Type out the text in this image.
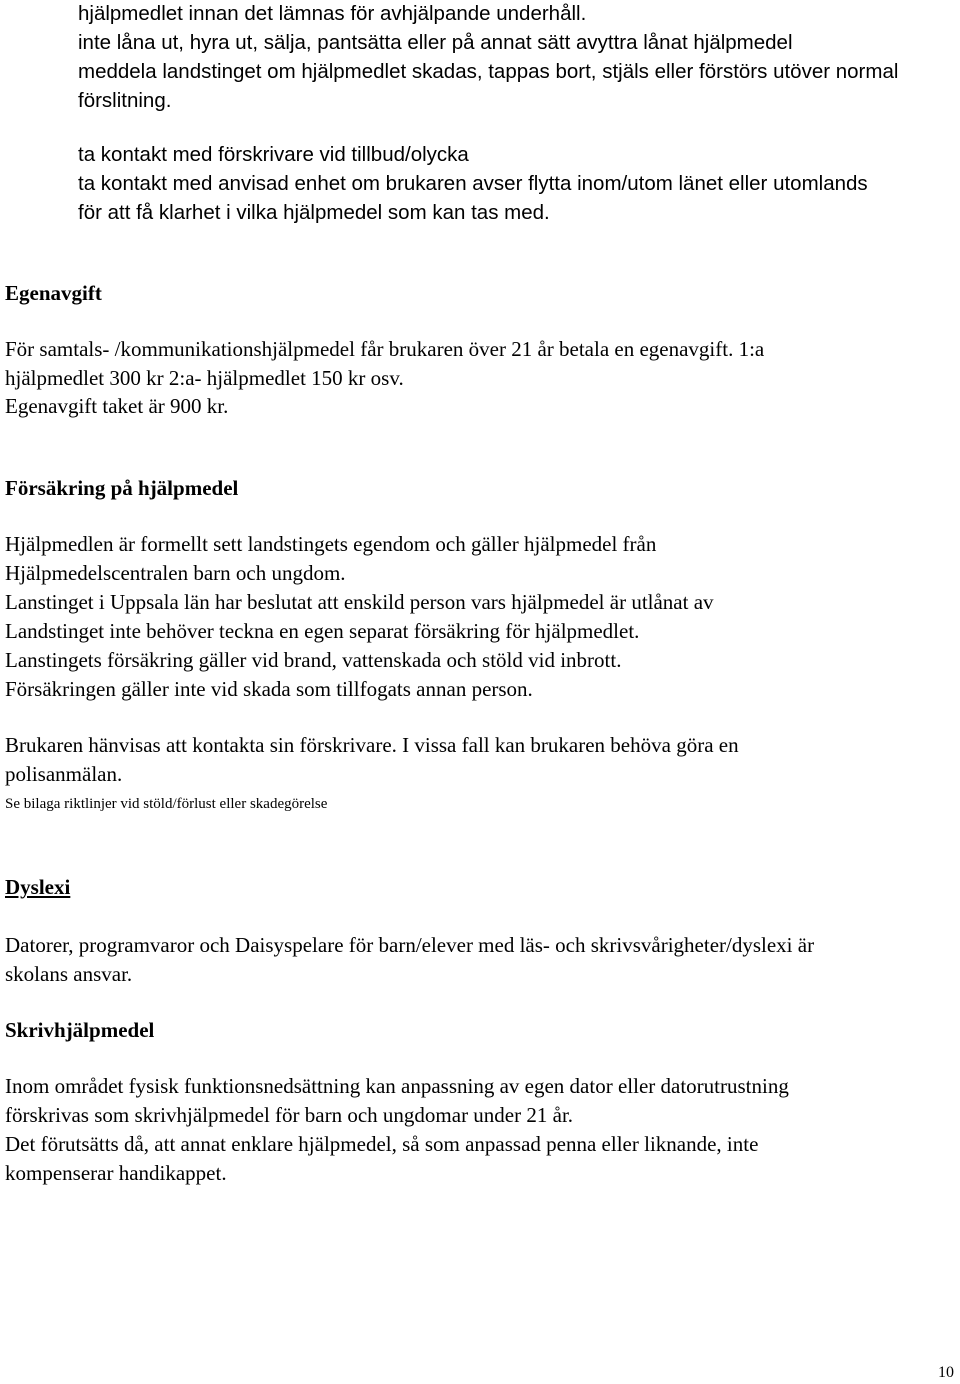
hjälpmedlet innan det lämnas för avhjälpande underhåll.
inte låna ut, hyra ut, sälja, pantsätta eller på annat sätt avyttra lånat hjälpmedel
meddela landstinget om hjälpmedlet skadas, tappas bort, stjäls eller förstörs utöver normal
förslitning.
ta kontakt med förskrivare vid tillbud/olycka
ta kontakt med anvisad enhet om brukaren avser flytta inom/utom länet eller utomlands
för att få klarhet i vilka hjälpmedel som kan tas med.
Egenavgift
För samtals- /kommunikationshjälpmedel får brukaren över 21 år betala en egenavgift. 1:a
hjälpmedlet 300 kr 2:a- hjälpmedlet 150 kr osv.
Egenavgift taket är 900 kr.
Försäkring på hjälpmedel
Hjälpmedlen är formellt sett landstingets egendom och gäller hjälpmedel från
Hjälpmedelscentralen barn och ungdom.
Lanstinget i Uppsala län har beslutat att enskild person vars hjälpmedel är utlånat av
Landstinget inte behöver teckna en egen separat försäkring för hjälpmedlet.
Lanstingets försäkring gäller vid brand, vattenskada och stöld vid inbrott.
Försäkringen gäller inte vid skada som tillfogats annan person.
Brukaren hänvisas att kontakta sin förskrivare. I vissa fall kan brukaren behöva göra en
polisanmälan.
Se bilaga riktlinjer vid stöld/förlust eller skadegörelse
Dyslexi
Datorer, programvaror och Daisyspelare för barn/elever med läs- och skrivsvårigheter/dyslexi är
skolans ansvar.
Skrivhjälpmedel
Inom området fysisk funktionsnedsättning kan anpassning av egen dator eller datorutrustning
förskrivas som skrivhjälpmedel för barn och ungdomar under 21 år.
Det förutsätts då, att annat enklare hjälpmedel, så som anpassad penna eller liknande, inte
kompenserar handikappet.
10
